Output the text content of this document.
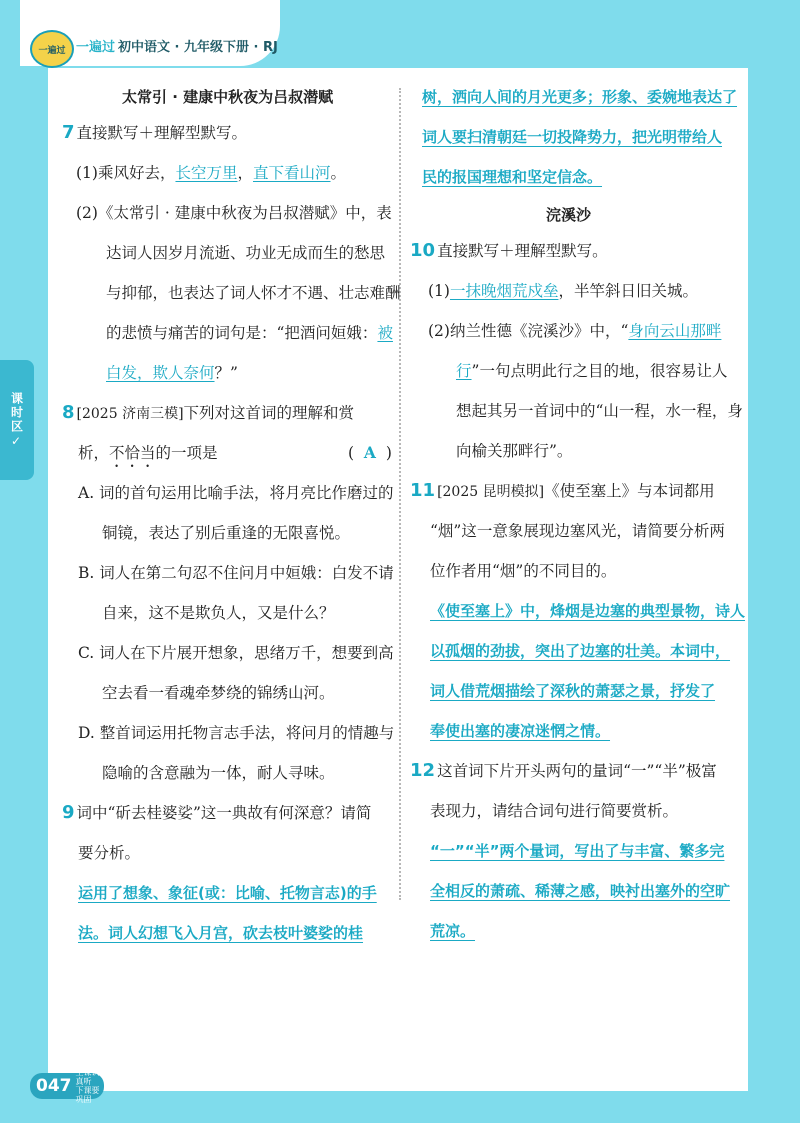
一遍过 一遍过 初中语文 · 九年级下册 · RJ
课时区
✓
太常引 · 建康中秋夜为吕叔潜赋
7 直接默写＋理解型默写。
(1)乘风好去，长空万里，直下看山河。
(2)《太常引 · 建康中秋夜为吕叔潜赋》中，表
达词人因岁月流逝、功业无成而生的愁思
与抑郁，也表达了词人怀才不遇、壮志难酬
的悲愤与痛苦的词句是：“把酒问姮娥：被
白发，欺人奈何？”
8 [2025 济南三模]下列对这首词的理解和赏
析，不恰当的一项是	( A )
A. 词的首句运用比喻手法，将月亮比作磨过的
铜镜，表达了别后重逢的无限喜悦。
B. 词人在第二句忍不住问月中姮娥：白发不请
自来，这不是欺负人，又是什么？
C. 词人在下片展开想象，思绪万千，想要到高
空去看一看魂牵梦绕的锦绣山河。
D. 整首词运用托物言志手法，将问月的情趣与
隐喻的含意融为一体，耐人寻味。
9 词中“斫去桂婆娑”这一典故有何深意？请简
要分析。
运用了想象、象征(或：比喻、托物言志)的手
法。词人幻想飞入月宫，砍去枝叶婆娑的桂
树，洒向人间的月光更多；形象、委婉地表达了
词人要扫清朝廷一切投降势力，把光明带给人
民的报国理想和坚定信念。
浣溪沙
10 直接默写＋理解型默写。
(1)一抹晚烟荒戍垒，半竿斜日旧关城。
(2)纳兰性德《浣溪沙》中，“身向云山那畔
行”一句点明此行之目的地，很容易让人
想起其另一首词中的“山一程，水一程，身
向榆关那畔行”。
11 [2025 昆明模拟]《使至塞上》与本词都用
“烟”这一意象展现边塞风光，请简要分析两
位作者用“烟”的不同目的。
《使至塞上》中，烽烟是边塞的典型景物，诗人
以孤烟的劲拔，突出了边塞的壮美。本词中，
词人借荒烟描绘了深秋的萧瑟之景，抒发了
奉使出塞的凄凉迷惘之情。
12 这首词下片开头两句的量词“一”“半”极富
表现力，请结合词句进行简要赏析。
“一”“半”两个量词，写出了与丰富、繁多完
全相反的萧疏、稀薄之感，映衬出塞外的空旷
荒凉。
047
上课认真听
下课要巩固
